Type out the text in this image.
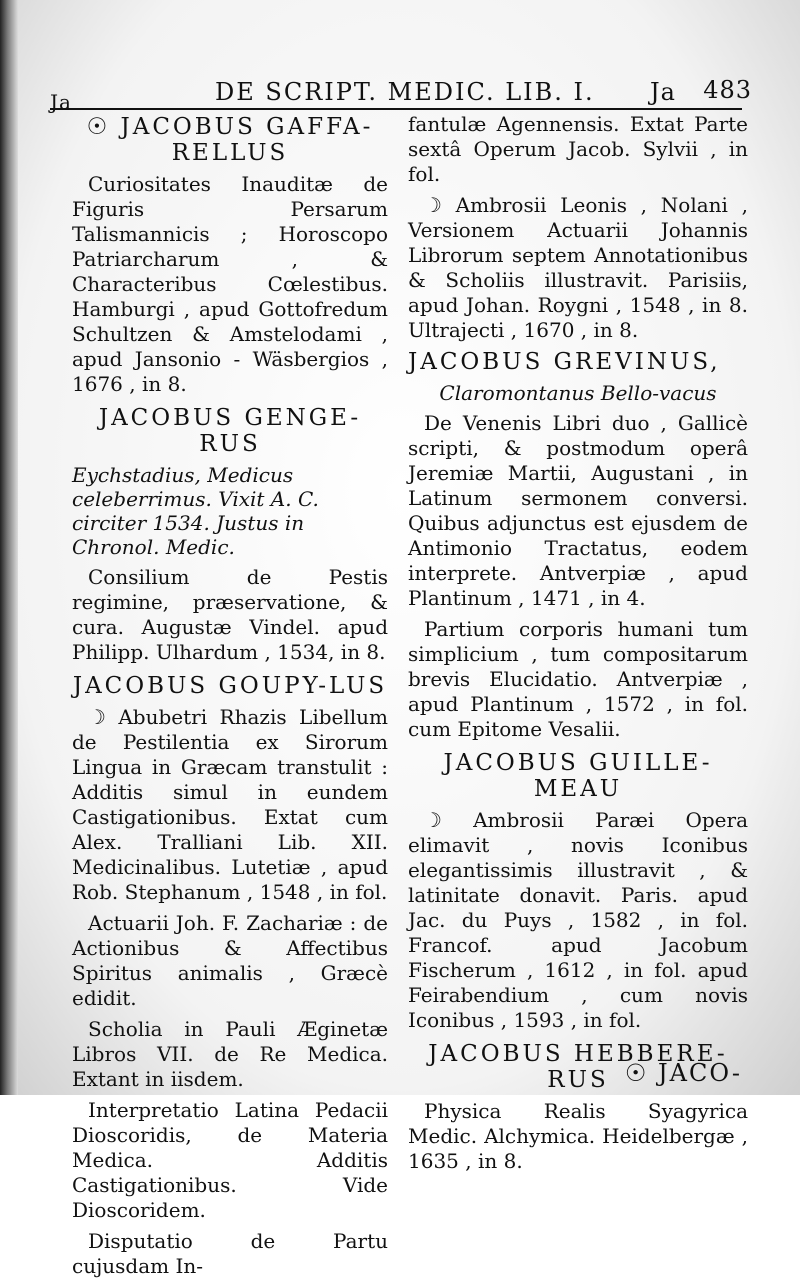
Ja	DE SCRIPT. MEDIC. LIB. I. Ja 483
☉ JACOBUS GAFFA-RELLUS
Curiositates Inauditæ de Figuris Persarum Talismannicis ; Horoscopo Patriarcharum , & Characteribus Cœlestibus. Hamburgi , apud Gottofredum Schultzen & Amstelodami , apud Jansonio - Wäsbergios , 1676 , in 8.
JACOBUS GENGE-RUS
Eychstadius, Medicus celeberrimus. Vixit A. C. circiter 1534. Justus in Chronol. Medic.
Consilium de Pestis regimine, præservatione, & cura. Augustæ Vindel. apud Philipp. Ulhardum , 1534, in 8.
JACOBUS GOUPY-LUS
☽ Abubetri Rhazis Libellum de Pestilentia ex Sirorum Lingua in Græcam transtulit : Additis simul in eundem Castigationibus. Extat cum Alex. Tralliani Lib. XII. Medicinalibus. Lutetiæ , apud Rob. Stephanum , 1548 , in fol.
Actuarii Joh. F. Zachariæ : de Actionibus & Affectibus Spiritus animalis , Græcè edidit.
Scholia in Pauli Æginetæ Libros VII. de Re Medica. Extant in iisdem.
Interpretatio Latina Pedacii Dioscoridis, de Materia Medica. Additis Castigationibus. Vide Dioscoridem.
Disputatio de Partu cujusdam In-
fantulæ Agennensis. Extat Parte sextâ Operum Jacob. Sylvii , in fol.
☽ Ambrosii Leonis , Nolani , Versionem Actuarii Johannis Librorum septem Annotationibus & Scholiis illustravit. Parisiis, apud Johan. Roygni , 1548 , in 8. Ultrajecti , 1670 , in 8.
JACOBUS GREVINUS,
Claromontanus Bello-vacus
De Venenis Libri duo , Gallicè scripti, & postmodum operâ Jeremiæ Martii, Augustani , in Latinum sermonem conversi. Quibus adjunctus est ejusdem de Antimonio Tractatus, eodem interprete. Antverpiæ , apud Plantinum , 1471 , in 4.
Partium corporis humani tum simplicium , tum compositarum brevis Elucidatio. Antverpiæ , apud Plantinum , 1572 , in fol. cum Epitome Vesalii.
JACOBUS GUILLE-MEAU
☽ Ambrosii Paræi Opera elimavit , novis Iconibus elegantissimis illustravit , & latinitate donavit. Paris. apud Jac. du Puys , 1582 , in fol. Francof. apud Jacobum Fischerum , 1612 , in fol. apud Feirabendium , cum novis Iconibus , 1593 , in fol.
JACOBUS HEBBERE-RUS
Physica Realis Syagyrica Medic. Alchymica. Heidelbergæ , 1635 , in 8.
☉ JACO-
